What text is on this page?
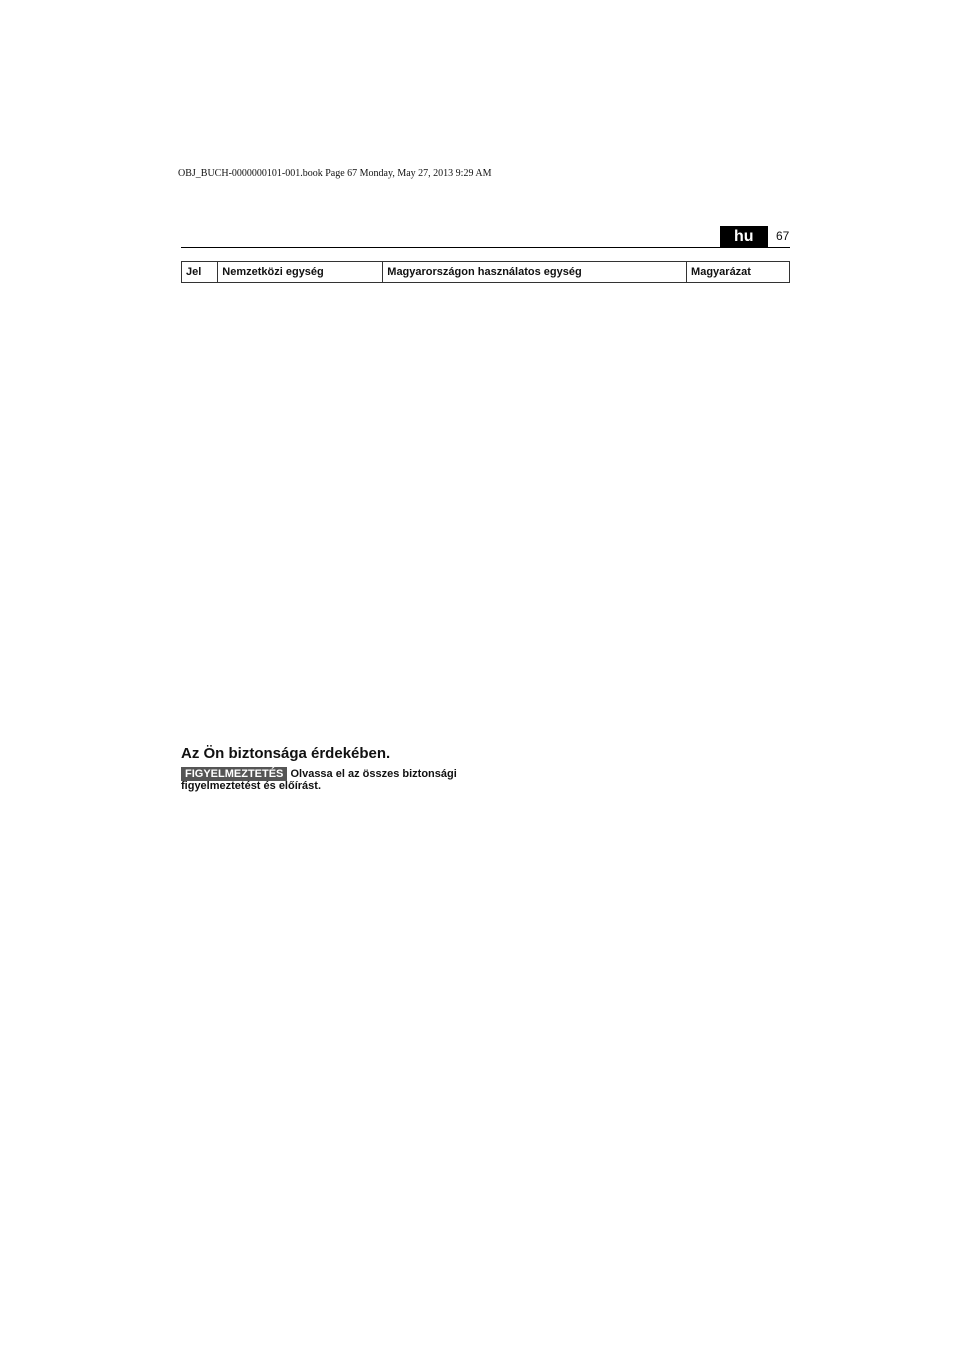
OBJ_BUCH-0000000101-001.book Page 67 Monday, May 27, 2013 9:29 AM
hu	67
Jel	Nemzetközi egység	Magyarországon használatos egység	Magyarázat
Az Ön biztonsága érdekében.
FIGYELMEZTETÉS Olvassa el az összes biztonsági figyelmeztetést és előírást.
